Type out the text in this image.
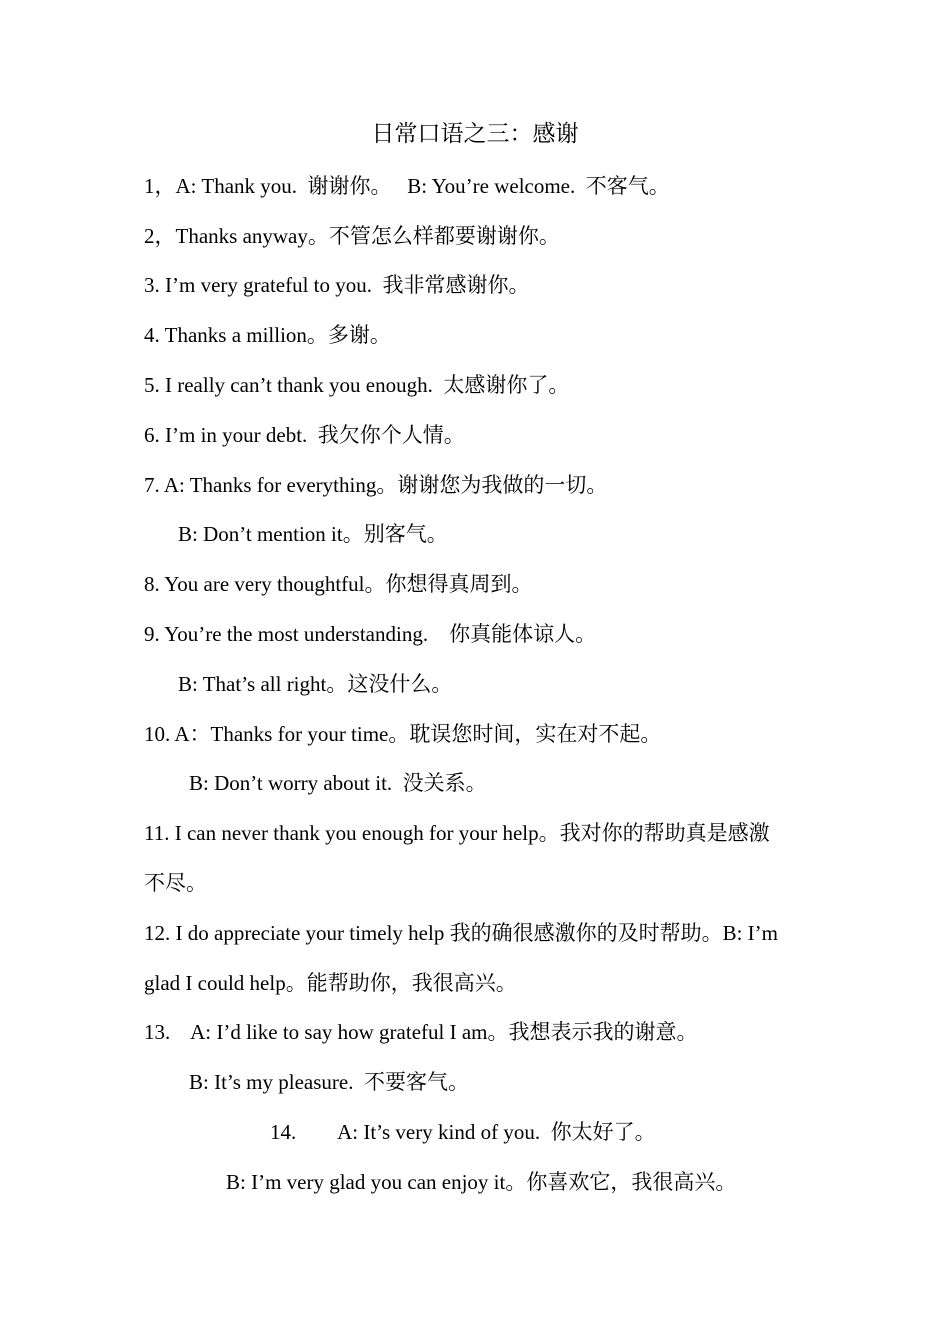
日常口语之三：感谢
1，A: Thank you.  谢谢你。   B: You’re welcome.  不客气。
2，Thanks anyway。不管怎么样都要谢谢你。
3. I’m very grateful to you.  我非常感谢你。
4. Thanks a million。多谢。
5. I really can’t thank you enough.  太感谢你了。
6. I’m in your debt.  我欠你个人情。
7. A: Thanks for everything。谢谢您为我做的一切。
B: Don’t mention it。别客气。
8. You are very thoughtful。你想得真周到。
9. You’re the most understanding.    你真能体谅人。
B: That’s all right。这没什么。
10. A：Thanks for your time。耽误您时间，实在对不起。
B: Don’t worry about it.  没关系。
11. I can never thank you enough for your help。我对你的帮助真是感激
不尽。
12. I do appreciate your timely help 我的确很感激你的及时帮助。B: I’m
glad I could help。能帮助你，我很高兴。
13.    A: I’d like to say how grateful I am。我想表示我的谢意。
B: It’s my pleasure.  不要客气。
14.        A: It’s very kind of you.  你太好了。
B: I’m very glad you can enjoy it。你喜欢它，我很高兴。
